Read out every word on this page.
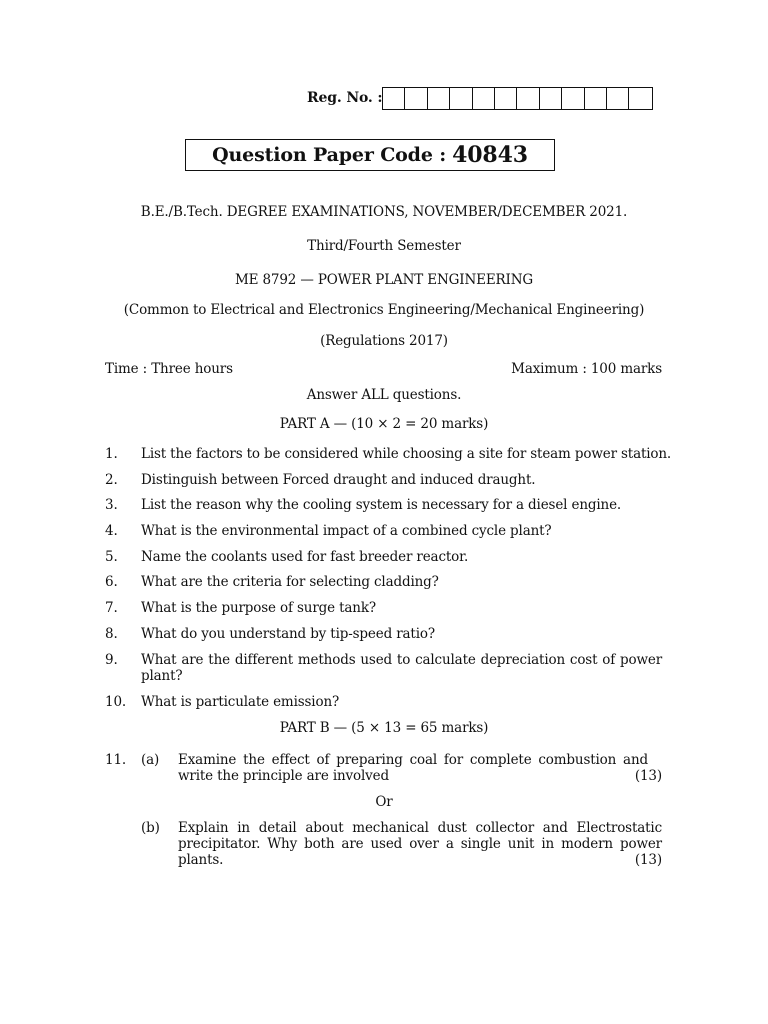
Reg. No. :
Question Paper Code : 40843
B.E./B.Tech. DEGREE EXAMINATIONS, NOVEMBER/DECEMBER 2021.
Third/Fourth Semester
ME 8792 — POWER PLANT ENGINEERING
(Common to Electrical and Electronics Engineering/Mechanical Engineering)
(Regulations 2017)
Time : Three hours	Maximum : 100 marks
Answer ALL questions.
PART A — (10 × 2 = 20 marks)
1. List the factors to be considered while choosing a site for steam power station.
2. Distinguish between Forced draught and induced draught.
3. List the reason why the cooling system is necessary for a diesel engine.
4. What is the environmental impact of a combined cycle plant?
5. Name the coolants used for fast breeder reactor.
6. What are the criteria for selecting cladding?
7. What is the purpose of surge tank?
8. What do you understand by tip-speed ratio?
9. What are the different methods used to calculate depreciation cost of power plant?
10. What is particulate emission?
PART B — (5 × 13 = 65 marks)
11. (a) Examine the effect of preparing coal for complete combustion and write the principle are involved	(13)
Or
(b) Explain in detail about mechanical dust collector and Electrostatic precipitator. Why both are used over a single unit in modern power plants.	(13)
